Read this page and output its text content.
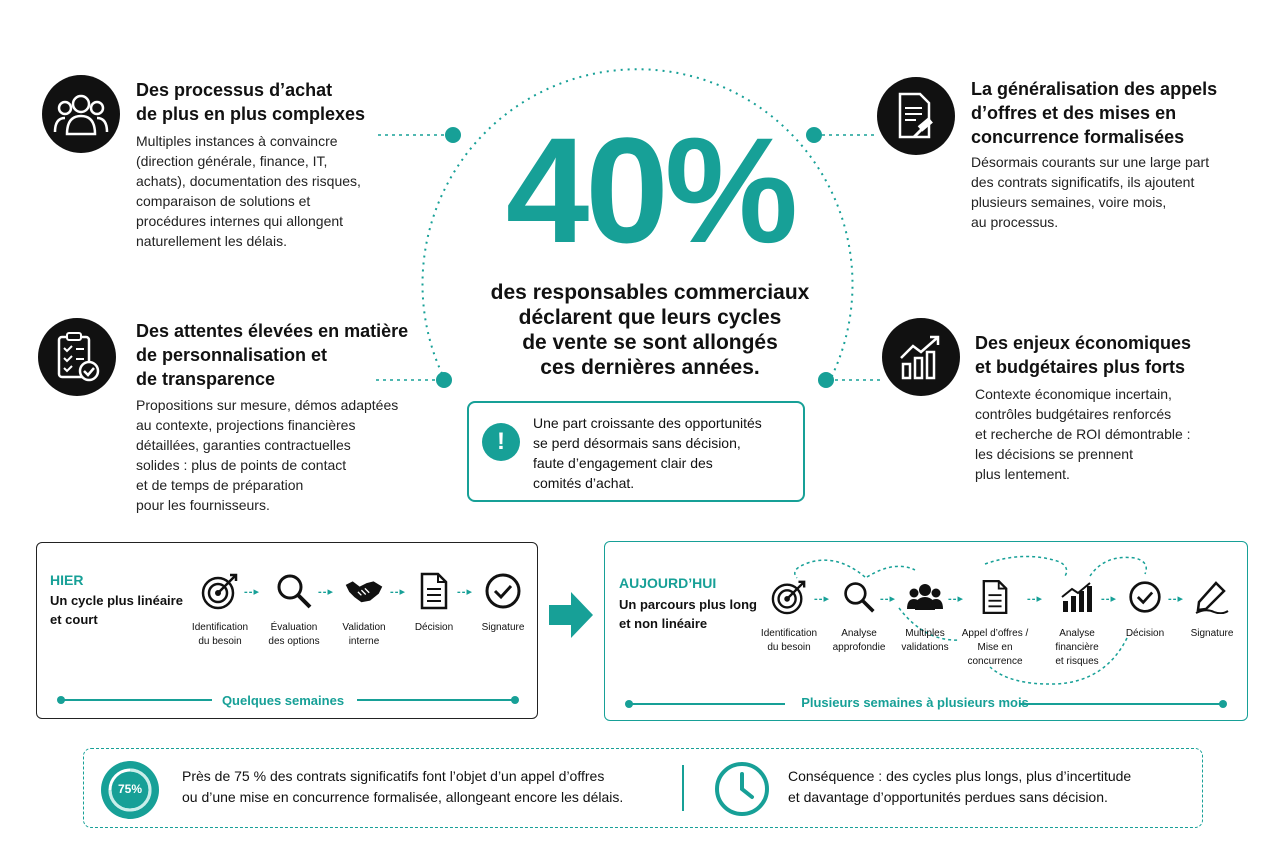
Des processus d’achat
de plus en plus complexes
Multiples instances à convaincre
(direction générale, finance, IT,
achats), documentation des risques,
comparaison de solutions et
procédures internes qui allongent
naturellement les délais.
Des attentes élevées en matière
de personnalisation et
de transparence
Propositions sur mesure, démos adaptées
au contexte, projections financières
détaillées, garanties contractuelles
solides : plus de points de contact
et de temps de préparation
pour les fournisseurs.
La généralisation des appels
d’offres et des mises en
concurrence formalisées
Désormais courants sur une large part
des contrats significatifs, ils ajoutent
plusieurs semaines, voire mois,
au processus.
Des enjeux économiques
et budgétaires plus forts
Contexte économique incertain,
contrôles budgétaires renforcés
et recherche de ROI démontrable :
les décisions se prennent
plus lentement.
40%
des responsables commerciaux
déclarent que leurs cycles
de vente se sont allongés
ces dernières années.
!
Une part croissante des opportunités
se perd désormais sans décision,
faute d’engagement clair des
comités d’achat.
HIER
Un cycle plus linéaire
et court
Identification
du besoin
- - ▸
Évaluation
des options
- - ▸
Validation
interne
- - ▸
Décision
- - ▸
Signature
Quelques semaines
AUJOURD’HUI
Un parcours plus long
et non linéaire
Identification
du besoin
- - ▸
Analyse
approfondie
- - ▸
Multiples
validations
- - ▸
Appel d’offres /
Mise en
concurrence
- - ▸
Analyse
financière
et risques
- - ▸
Décision
- - ▸
Signature
Plusieurs semaines à plusieurs mois
75%
Près de 75 % des contrats significatifs font l’objet d’un appel d’offres
ou d’une mise en concurrence formalisée, allongeant encore les délais.
Conséquence : des cycles plus longs, plus d’incertitude
et davantage d’opportunités perdues sans décision.
